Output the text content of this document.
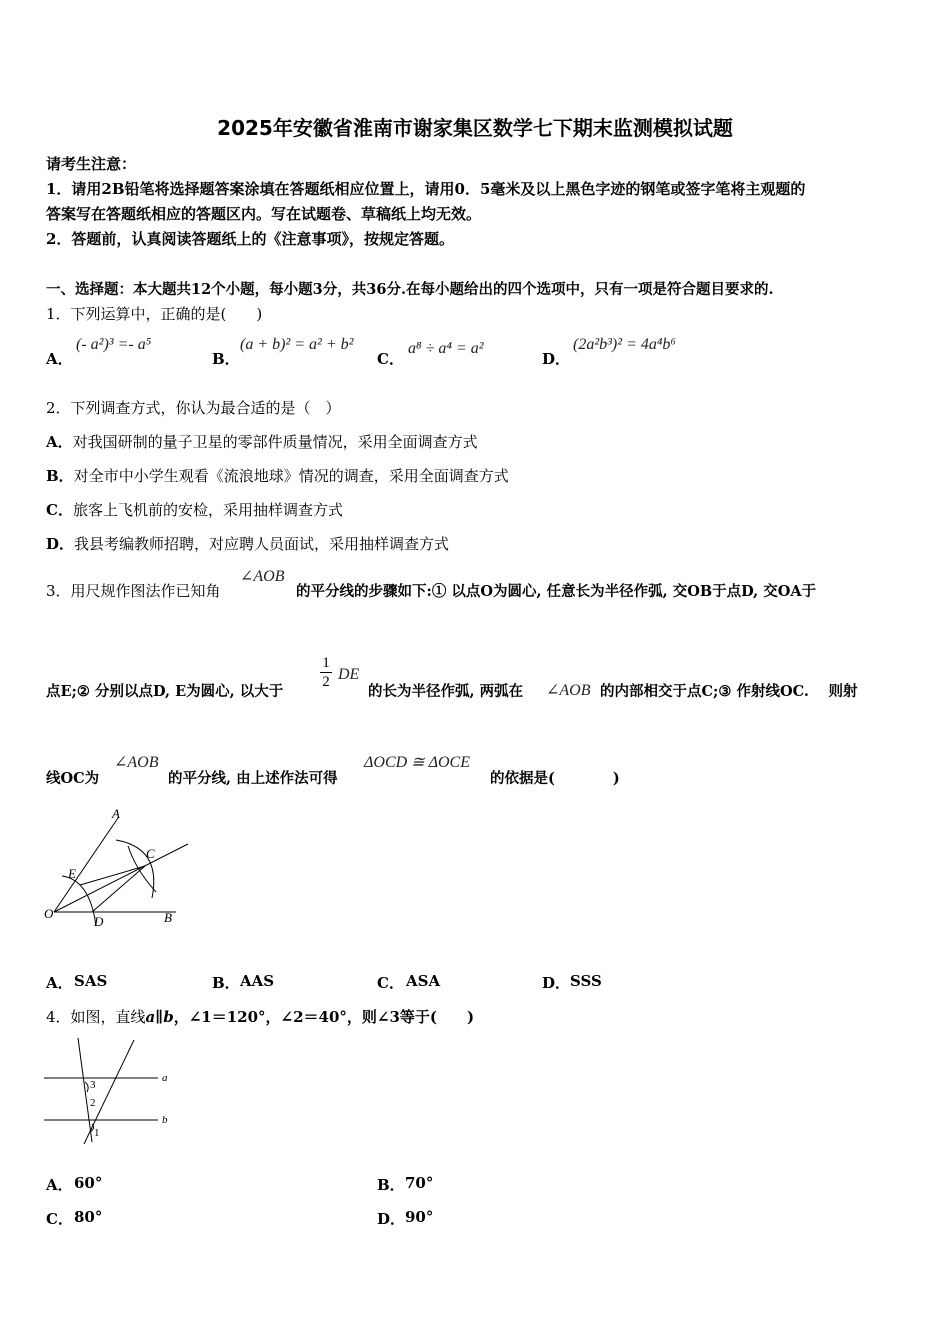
2025年安徽省淮南市谢家集区数学七下期末监测模拟试题
请考生注意：
1．请用2B铅笔将选择题答案涂填在答题纸相应位置上，请用0．5毫米及以上黑色字迹的钢笔或签字笔将主观题的
答案写在答题纸相应的答题区内。写在试题卷、草稿纸上均无效。
2．答题前，认真阅读答题纸上的《注意事项》，按规定答题。
一、选择题：本大题共12个小题，每小题3分，共36分.在每小题给出的四个选项中，只有一项是符合题目要求的.
1．下列运算中，正确的是(　　)
A．
(- a²)³ =- a⁵
B．
(a + b)² = a² + b²
C．
a⁸ ÷ a⁴ = a²
D．
(2a²b³)² = 4a⁴b⁶
2．下列调查方式，你认为最合适的是（　）
A．对我国研制的量子卫星的零部件质量情况，采用全面调查方式
B．对全市中小学生观看《流浪地球》情况的调查，采用全面调查方式
C．旅客上飞机前的安检，采用抽样调查方式
D．我县考编教师招聘，对应聘人员面试，采用抽样调查方式
3．用尺规作图法作已知角
∠AOB
的平分线的步骤如下:① 以点O为圆心, 任意长为半径作弧, 交OB于点D, 交OA于
点E;② 分别以点D, E为圆心, 以大于
1
2 DE
的长为半径作弧, 两弧在 ∠AOB 的内部相交于点C;③ 作射线OC.　 则射
线OC为
∠AOB
的平分线, 由上述作法可得
ΔOCD ≅ ΔOCE
的依据是(　　　　)
A
C
E
O
D	B
A． SAS	B． AAS	C． ASA	D． SSS
4．如图，直线a∥b，∠1＝120°，∠2＝40°，则∠3等于(　　)
a
b
3
2
1
A． 60°	B． 70°
C． 80°	D． 90°
